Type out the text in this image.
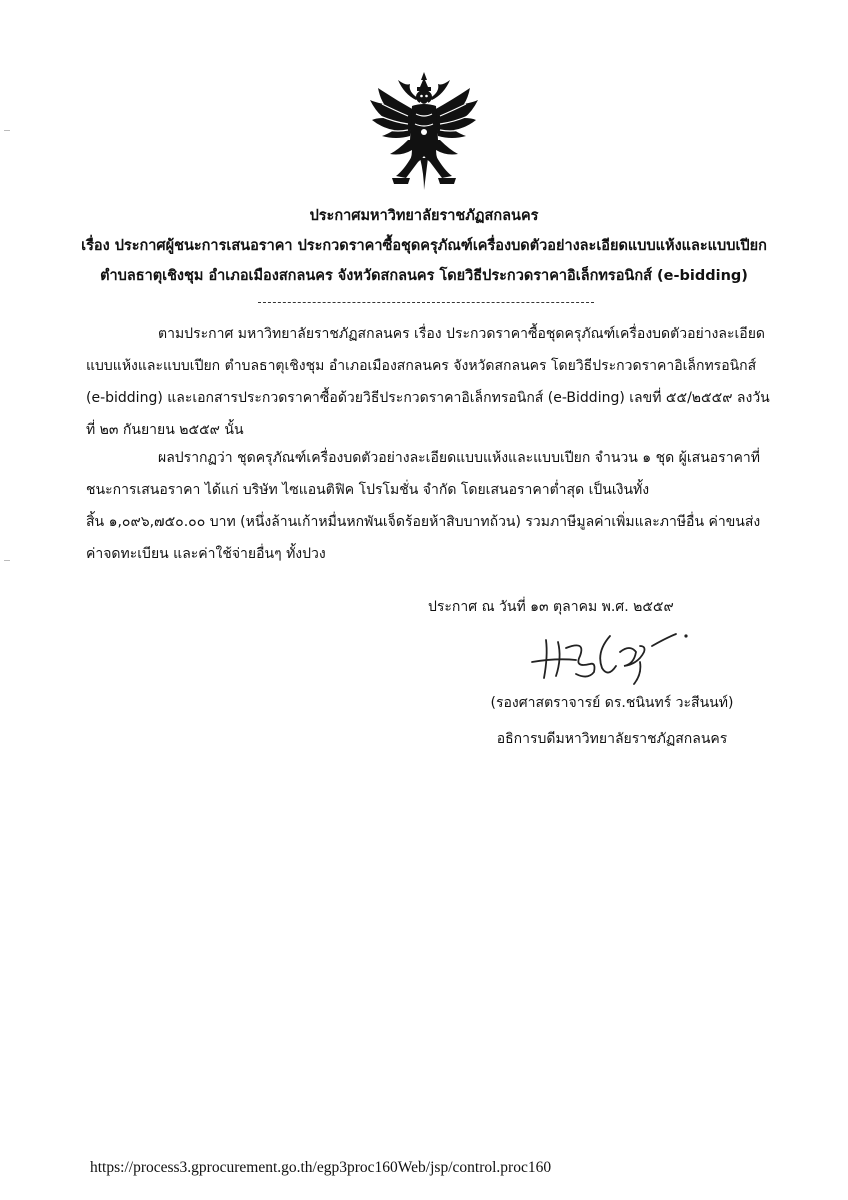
ประกาศมหาวิทยาลัยราชภัฏสกลนคร
เรื่อง ประกาศผู้ชนะการเสนอราคา ประกวดราคาซื้อชุดครุภัณฑ์เครื่องบดตัวอย่างละเอียดแบบแห้งและแบบเปียก
ตำบลธาตุเชิงชุม อำเภอเมืองสกลนคร จังหวัดสกลนคร โดยวิธีประกวดราคาอิเล็กทรอนิกส์ (e-bidding)
ตามประกาศ มหาวิทยาลัยราชภัฏสกลนคร เรื่อง ประกวดราคาซื้อชุดครุภัณฑ์เครื่องบดตัวอย่างละเอียด
แบบแห้งและแบบเปียก ตำบลธาตุเชิงชุม อำเภอเมืองสกลนคร จังหวัดสกลนคร โดยวิธีประกวดราคาอิเล็กทรอนิกส์
(e-bidding) และเอกสารประกวดราคาซื้อด้วยวิธีประกวดราคาอิเล็กทรอนิกส์ (e-Bidding) เลขที่ ๕๕/๒๕๕๙ ลงวัน
ที่ ๒๓ กันยายน ๒๕๕๙ นั้น
ผลปรากฏว่า ชุดครุภัณฑ์เครื่องบดตัวอย่างละเอียดแบบแห้งและแบบเปียก จำนวน ๑ ชุด ผู้เสนอราคาที่
ชนะการเสนอราคา ได้แก่ บริษัท ไซแอนติฟิค โปรโมชั่น จำกัด โดยเสนอราคาต่ำสุด เป็นเงินทั้ง
สิ้น ๑,๐๙๖,๗๕๐.๐๐ บาท (หนึ่งล้านเก้าหมื่นหกพันเจ็ดร้อยห้าสิบบาทถ้วน) รวมภาษีมูลค่าเพิ่มและภาษีอื่น ค่าขนส่ง
ค่าจดทะเบียน และค่าใช้จ่ายอื่นๆ ทั้งปวง
ประกาศ ณ วันที่ ๑๓ ตุลาคม พ.ศ. ๒๕๕๙
(รองศาสตราจารย์ ดร.ชนินทร์ วะสีนนท์)
อธิการบดีมหาวิทยาลัยราชภัฏสกลนคร
https://process3.gprocurement.go.th/egp3proc160Web/jsp/control.proc160
